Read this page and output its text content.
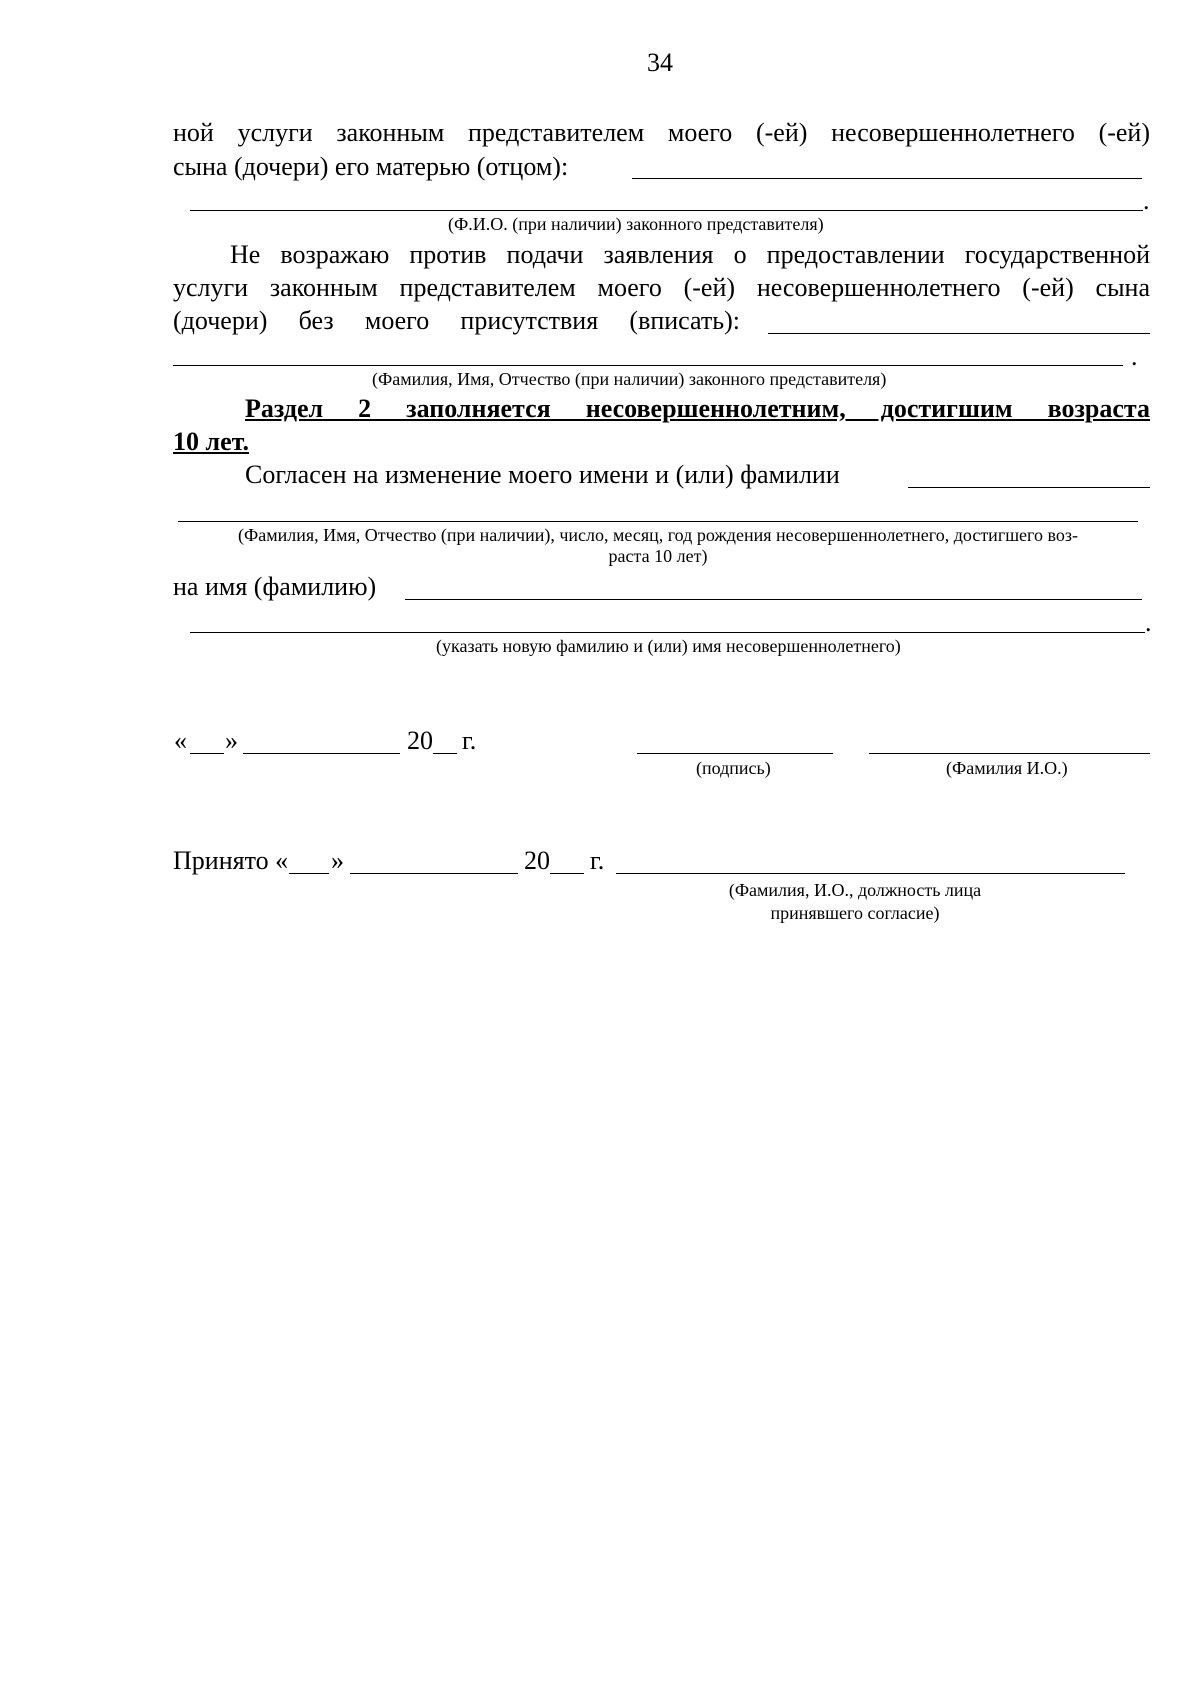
34
ной услуги законным представителем моего (-ей) несовершеннолетнего (-ей)
сына (дочери) его матерью (отцом):
.
(Ф.И.О. (при наличии) законного представителя)
Не возражаю против подачи заявления о предоставлении государственной
услуги законным представителем моего (-ей) несовершеннолетнего (-ей) сына
(дочери) без моего присутствия (вписать):
.
(Фамилия, Имя, Отчество (при наличии) законного представителя)
Раздел 2 заполняется несовершеннолетним, достигшим возраста
10 лет.
Согласен на изменение моего имени и (или) фамилии
(Фамилия, Имя, Отчество (при наличии), число, месяц, год рождения несовершеннолетнего, достигшего воз-
раста 10 лет)
на имя (фамилию)
.
(указать новую фамилию и (или) имя несовершеннолетнего)
« »	20 г.
(подпись)	(Фамилия И.О.)
Принято « »	20 г.
(Фамилия, И.О., должность лица
принявшего согласие)
